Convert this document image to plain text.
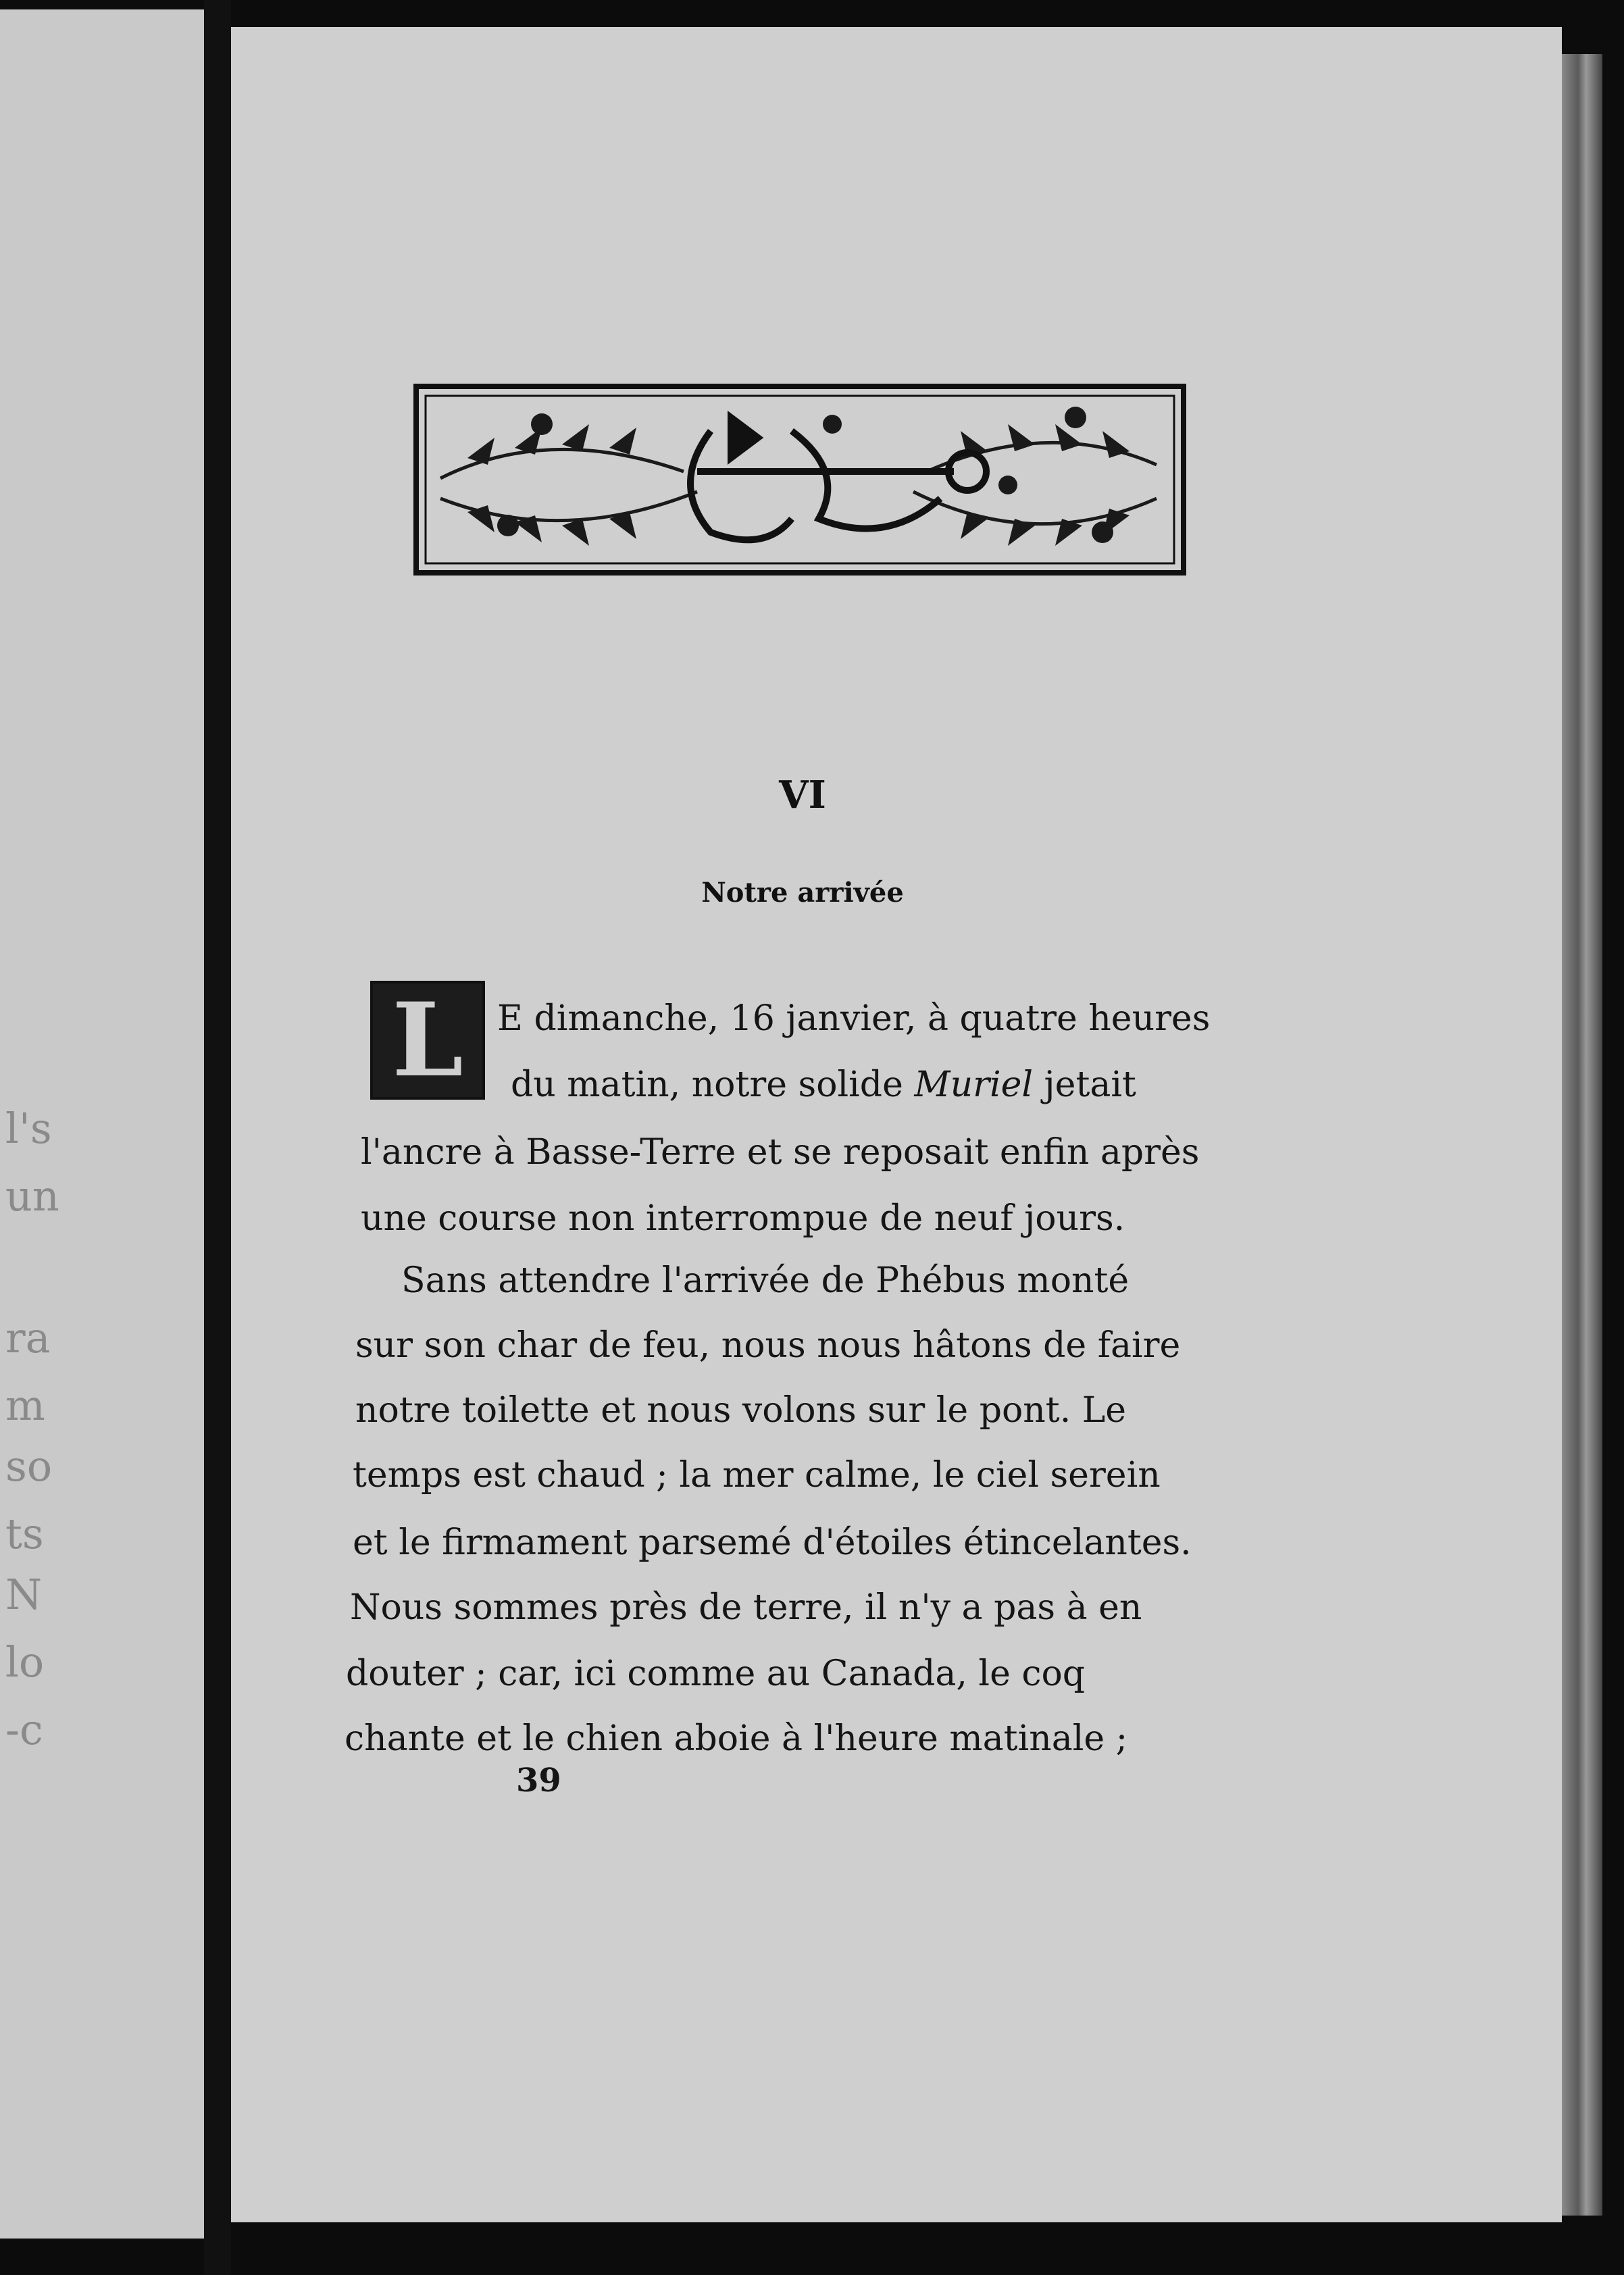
l's
un
ra
m
so
ts
N
lo
-c
VI
Notre arrivée
L E dimanche, 16 janvier, à quatre heures
du matin, notre solide Muriel jetait
l'ancre à Basse-Terre et se reposait enfin après
une course non interrompue de neuf jours.
Sans attendre l'arrivée de Phébus monté
sur son char de feu, nous nous hâtons de faire
notre toilette et nous volons sur le pont. Le
temps est chaud ; la mer calme, le ciel serein
et le firmament parsemé d'étoiles étincelantes.
Nous sommes près de terre, il n'y a pas à en
douter ; car, ici comme au Canada, le coq
chante et le chien aboie à l'heure matinale ;
39
